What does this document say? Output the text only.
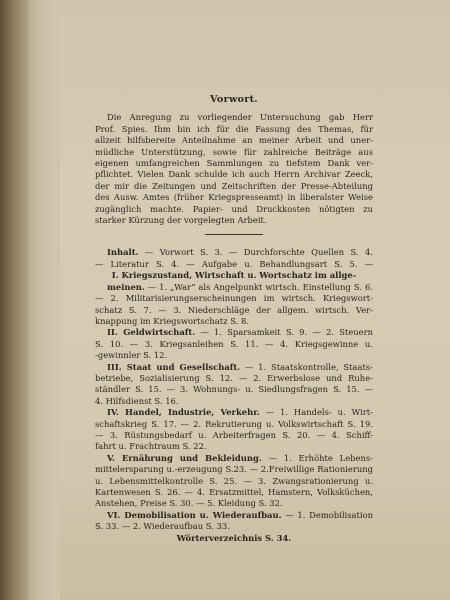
Vorwort.
Die Anregung zu vorliegender Untersuchung gab Herr
Prof. Spies. Ihm bin ich für die Fassung des Themas, für
allzeit hilfsbereite Anteilnahme an meiner Arbeit und uner-
müdliche Unterstützung, sowie für zahlreiche Beiträge aus
eigenen umfangreichen Sammlungen zu tiefstem Dank ver-
pflichtet. Vielen Dank schulde ich auch Herrn Archivar Zeeck,
der mir die Zeitungen und Zeitschriften der Presse-Abteilung
des Ausw. Amtes (früher Kriegspresseamt) in liberalster Weise
zugänglich machte. Papier- und Druckkosten nötigten zu
starker Kürzung der vorgelegten Arbeit.
Inhalt. — Vorwort S. 3. — Durchforschte Quellen S. 4.
— Literatur S. 4. — Aufgabe u. Behandlungsart S. 5. —
I. Kriegszustand, Wirtschaft u. Wortschatz im allge-
meinen. — 1. „War“ als Angelpunkt wirtsch. Einstellung S. 6.
— 2. Militarisierungserscheinungen im wirtsch. Kriegswort-
schatz S. 7. — 3. Niederschläge der allgem. wirtsch. Ver-
knappung im Kriegswortschatz S. 8.
II. Geldwirtschaft. — 1. Sparsamkeit S. 9. — 2. Steuern
S. 10. — 3. Kriegsanleihen S. 11. — 4. Kriegsgewinne u.
-gewinnler S. 12.
III. Staat und Gesellschaft. — 1. Staatskontrolle, Staats-
betriebe, Sozialisierung S. 12. — 2. Erwerbslose und Ruhe-
ständler S. 15. — 3. Wohnungs- u. Siedlungsfragen S. 15. —
4. Hilfsdienst S. 16.
IV. Handel, Industrie, Verkehr. — 1. Handels- u. Wirt-
schaftskrieg S. 17. — 2. Rekrutierung u. Volkswirtschaft S. 19.
— 3. Rüstungsbedarf u. Arbeiterfragen S. 20. — 4. Schiff-
fahrt u. Frachtraum S. 22.
V. Ernährung und Bekleidung. — 1. Erhöhte Lebens-
mittelersparung u.-erzeugung S.23. — 2.Freiwillige Rationierung
u. Lebensmittelkontrolle S. 25. — 3. Zwangsrationierung u.
Kartenwesen S. 26. — 4. Ersatzmittel, Hamstern, Volksküchen,
Anstehen, Preise S. 30. — 5. Kleidung S. 32.
VI. Demobilisation u. Wiederaufbau. — 1. Demobilisation
S. 33. — 2. Wiederaufbau S. 33.
Wörterverzeichnis S. 34.
